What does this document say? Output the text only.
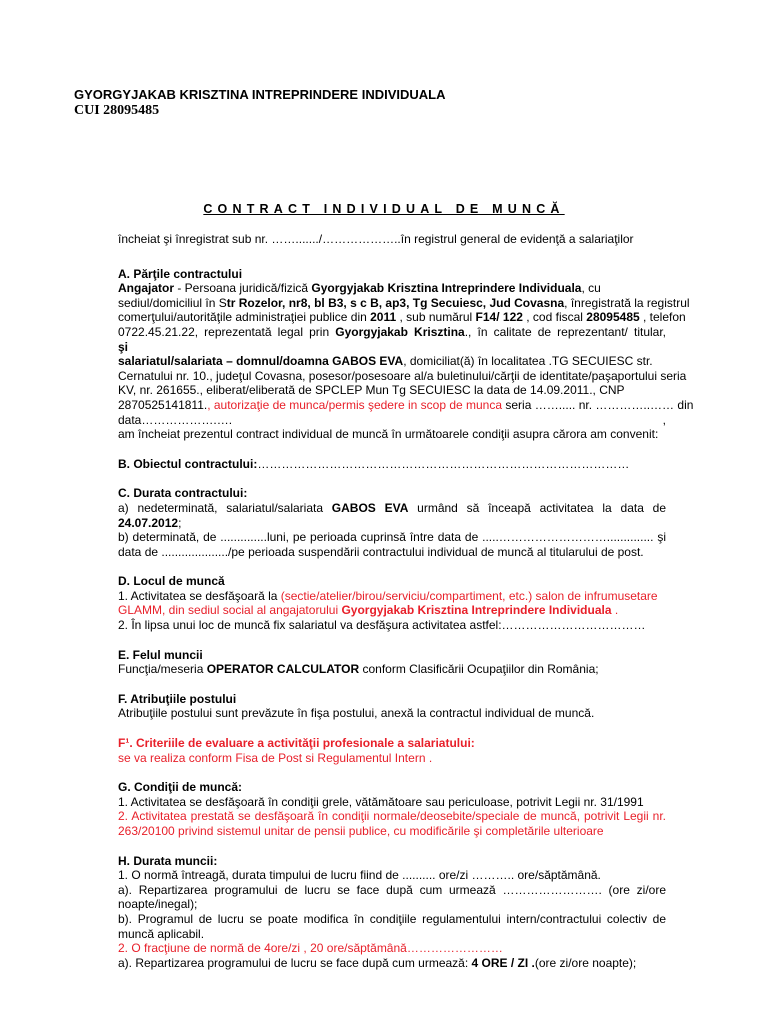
GYORGYJAKAB KRISZTINA INTREPRINDERE INDIVIDUALA
CUI 28095485
CONTRACT INDIVIDUAL DE MUNCĂ
încheiat şi înregistrat sub nr. ……......./………………..în registrul general de evidenţă a salariaţilor
A. Părţile contractului
Angajator - Persoana juridică/fizică Gyorgyjakab Krisztina Intreprindere Individuala, cu
sediul/domiciliul în Str Rozelor, nr8, bl B3, s c B, ap3, Tg Secuiesc, Jud Covasna, înregistrată la registrul
comerţului/autorităţile administraţiei publice din 2011 , sub numărul F14/ 122 , cod fiscal 28095485 , telefon
0722.45.21.22, reprezentată legal prin Gyorgyjakab Krisztina., în calitate de reprezentant/ titular,
şi
salariatul/salariata – domnul/doamna GABOS EVA, domiciliat(ă) în localitatea .TG SECUIESC str.
Cernatului nr. 10., judeţul Covasna, posesor/posesoare al/a buletinului/cărţii de identitate/paşaportului seria
KV, nr. 261655., eliberat/eliberată de SPCLEP Mun Tg SECUIESC la data de 14.09.2011., CNP
2870525141811., autorizaţie de munca/permis şedere in scop de munca seria ……..... nr. …………..…… din
data……………….…. ,
am încheiat prezentul contract individual de muncă în următoarele condiţii asupra cărora am convenit:
B. Obiectul contractului:…………………………………………………………………………………
C. Durata contractului:
a) nedeterminată, salariatul/salariata GABOS EVA urmând să înceapă activitatea la data de
24.07.2012;
b) determinată, de ..............luni, pe perioada cuprinsă între data de .....……………………….............. şi
data de ..................../pe perioada suspendării contractului individual de muncă al titularului de post.
D. Locul de muncă
1. Activitatea se desfăşoară la (sectie/atelier/birou/serviciu/compartiment, etc.) salon de infrumusetare
GLAMM, din sediul social al angajatorului Gyorgyjakab Krisztina Intreprindere Individuala .
2. În lipsa unui loc de muncă fix salariatul va desfăşura activitatea astfel:………………………………
E. Felul muncii
Funcţia/meseria OPERATOR CALCULATOR conform Clasificării Ocupaţiilor din România;
F. Atribuţiile postului
Atribuţiile postului sunt prevăzute în fişa postului, anexă la contractul individual de muncă.
F¹. Criteriile de evaluare a activităţii profesionale a salariatului:
se va realiza conform Fisa de Post si Regulamentul Intern .
G. Condiţii de muncă:
1. Activitatea se desfăşoară în condiţii grele, vătămătoare sau periculoase, potrivit Legii nr. 31/1991
2. Activitatea prestată se desfăşoară în condiţii normale/deosebite/speciale de muncă, potrivit Legii nr.
263/20100 privind sistemul unitar de pensii publice, cu modificările şi completările ulterioare
H. Durata muncii:
1. O normă întreagă, durata timpului de lucru fiind de .......... ore/zi ……….. ore/săptămână.
a). Repartizarea programului de lucru se face după cum urmează ……………………. (ore zi/ore
noapte/inegal);
b). Programul de lucru se poate modifica în condiţiile regulamentului intern/contractului colectiv de
muncă aplicabil.
2. O fracţiune de normă de 4ore/zi , 20 ore/săptămână……………………
a). Repartizarea programului de lucru se face după cum urmează: 4 ORE / ZI .(ore zi/ore noapte);
